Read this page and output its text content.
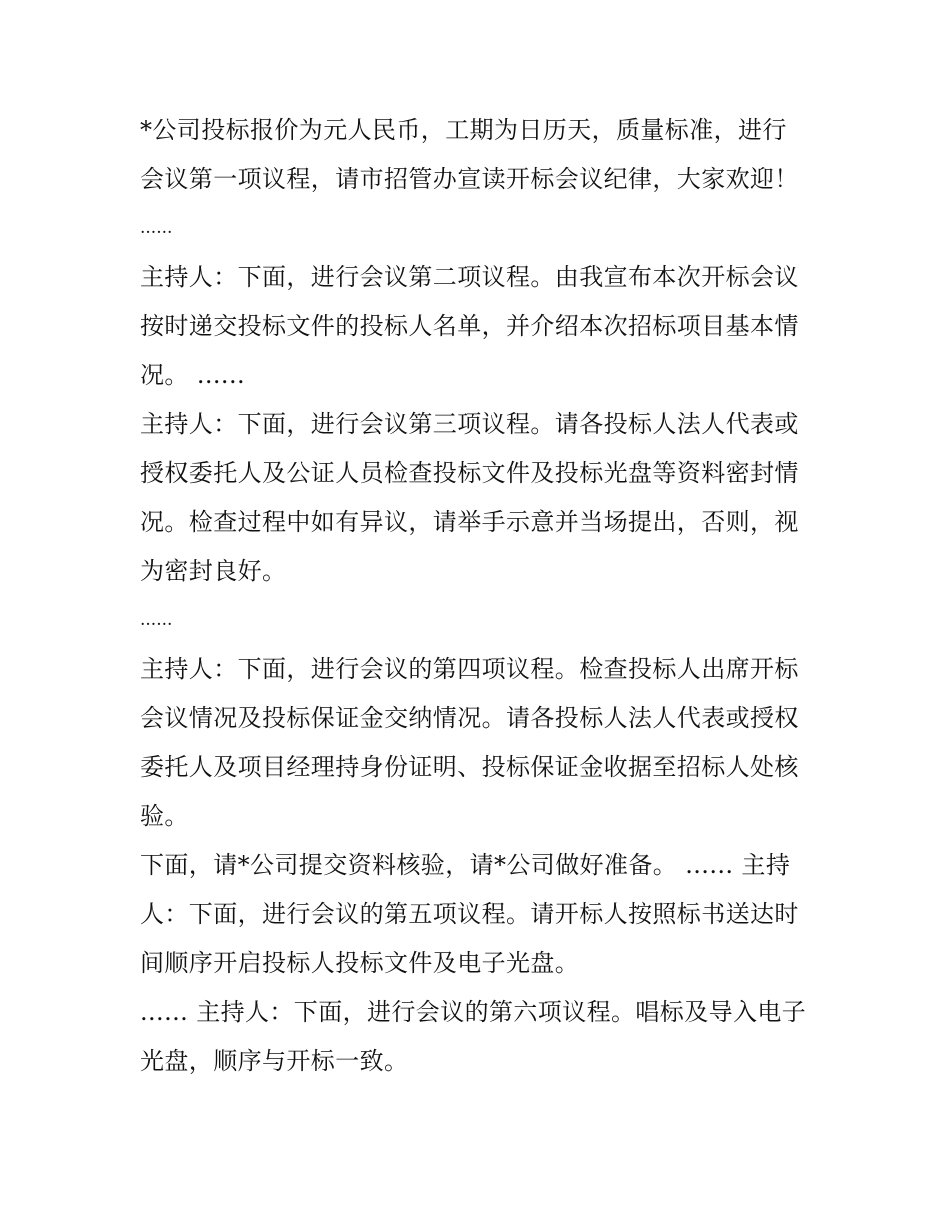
*公司投标报价为元人民币，工期为日历天，质量标准，进行
会议第一项议程，请市招管办宣读开标会议纪律，大家欢迎！
......
主持人：下面，进行会议第二项议程。由我宣布本次开标会议
按时递交投标文件的投标人名单，并介绍本次招标项目基本情
况。 ......
主持人：下面，进行会议第三项议程。请各投标人法人代表或
授权委托人及公证人员检查投标文件及投标光盘等资料密封情
况。检查过程中如有异议，请举手示意并当场提出，否则，视
为密封良好。
......
主持人：下面，进行会议的第四项议程。检查投标人出席开标
会议情况及投标保证金交纳情况。请各投标人法人代表或授权
委托人及项目经理持身份证明、投标保证金收据至招标人处核
验。
下面，请*公司提交资料核验，请*公司做好准备。 ...... 主持
人：下面，进行会议的第五项议程。请开标人按照标书送达时
间顺序开启投标人投标文件及电子光盘。
...... 主持人：下面，进行会议的第六项议程。唱标及导入电子
光盘，顺序与开标一致。
